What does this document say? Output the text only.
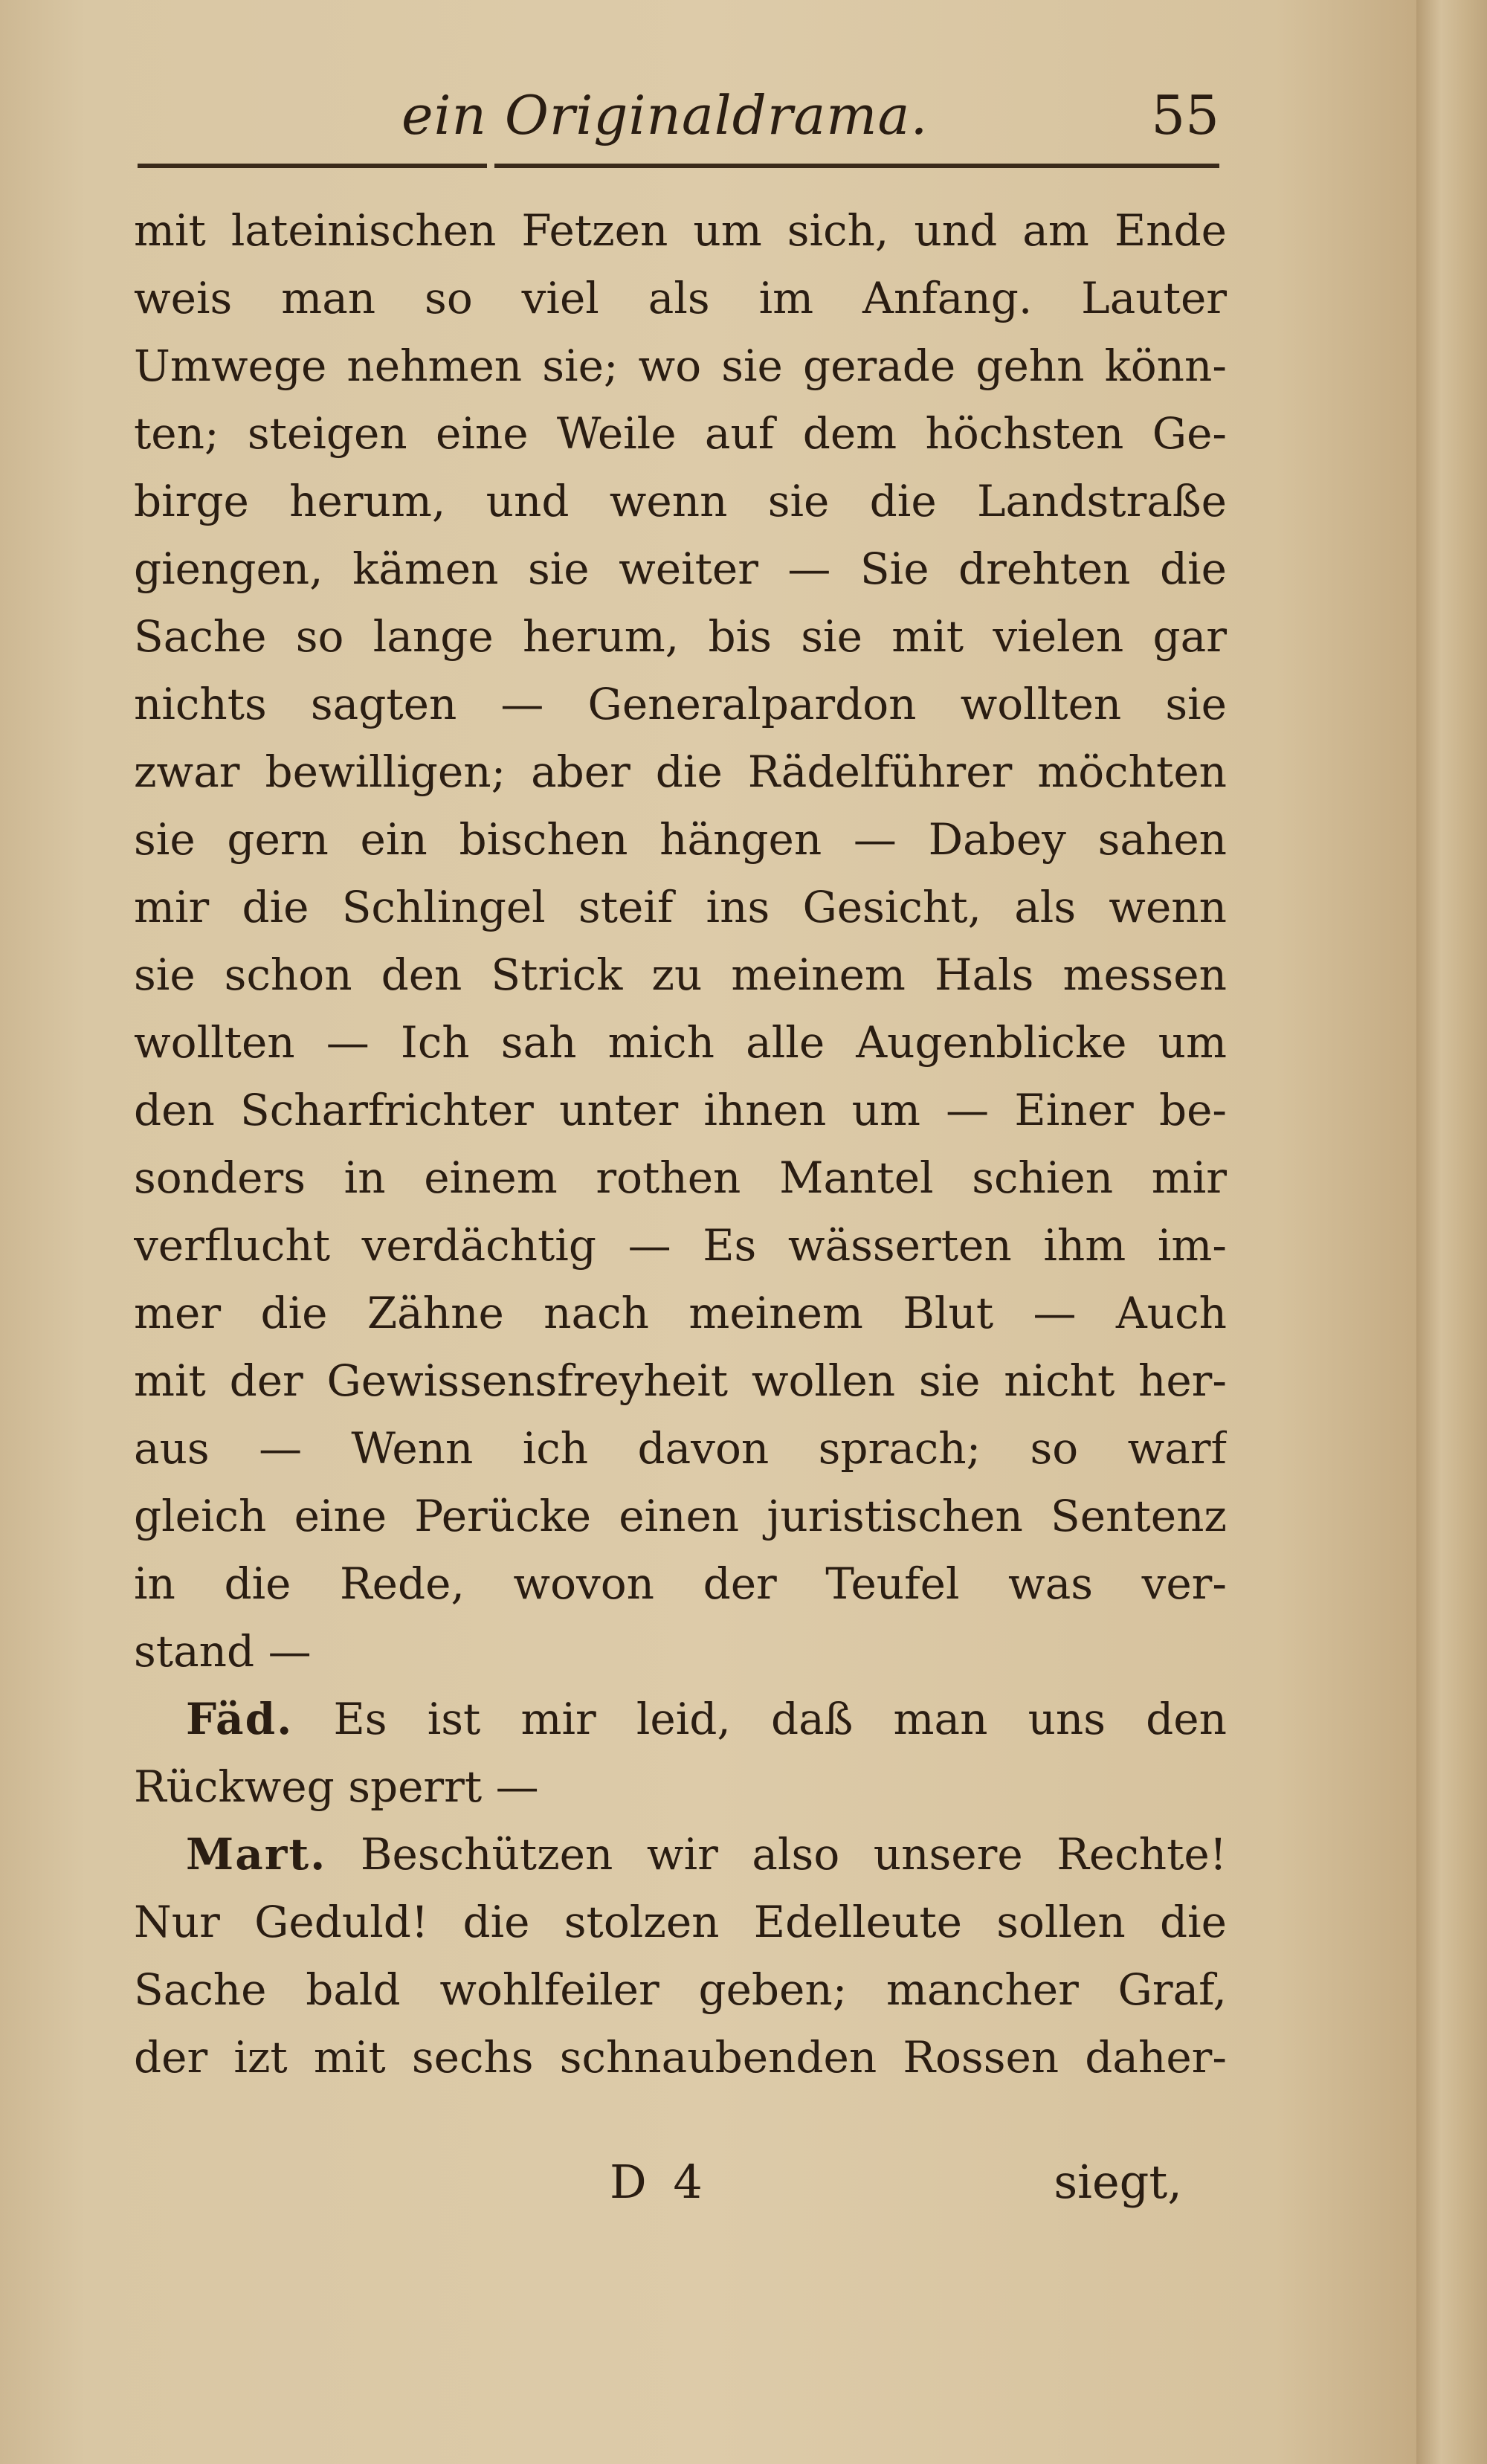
ein Originaldrama.	55
mit lateinischen Fetzen um sich, und am Ende
weis man so viel als im Anfang. Lauter
Umwege nehmen sie; wo sie gerade gehn könn-
ten; steigen eine Weile auf dem höchsten Ge-
birge herum, und wenn sie die Landstraße
giengen, kämen sie weiter — Sie drehten die
Sache so lange herum, bis sie mit vielen gar
nichts sagten — Generalpardon wollten sie
zwar bewilligen; aber die Rädelführer möchten
sie gern ein bischen hängen — Dabey sahen
mir die Schlingel steif ins Gesicht, als wenn
sie schon den Strick zu meinem Hals messen
wollten — Ich sah mich alle Augenblicke um
den Scharfrichter unter ihnen um — Einer be-
sonders in einem rothen Mantel schien mir
verflucht verdächtig — Es wässerten ihm im-
mer die Zähne nach meinem Blut — Auch
mit der Gewissensfreyheit wollen sie nicht her-
aus — Wenn ich davon sprach; so warf
gleich eine Perücke einen juristischen Sentenz
in die Rede, wovon der Teufel was ver-
stand —
Fäd. Es ist mir leid, daß man uns den
Rückweg sperrt —
Mart. Beschützen wir also unsere Rechte!
Nur Geduld! die stolzen Edelleute sollen die
Sache bald wohlfeiler geben; mancher Graf,
der izt mit sechs schnaubenden Rossen daher-
D 4	siegt,
